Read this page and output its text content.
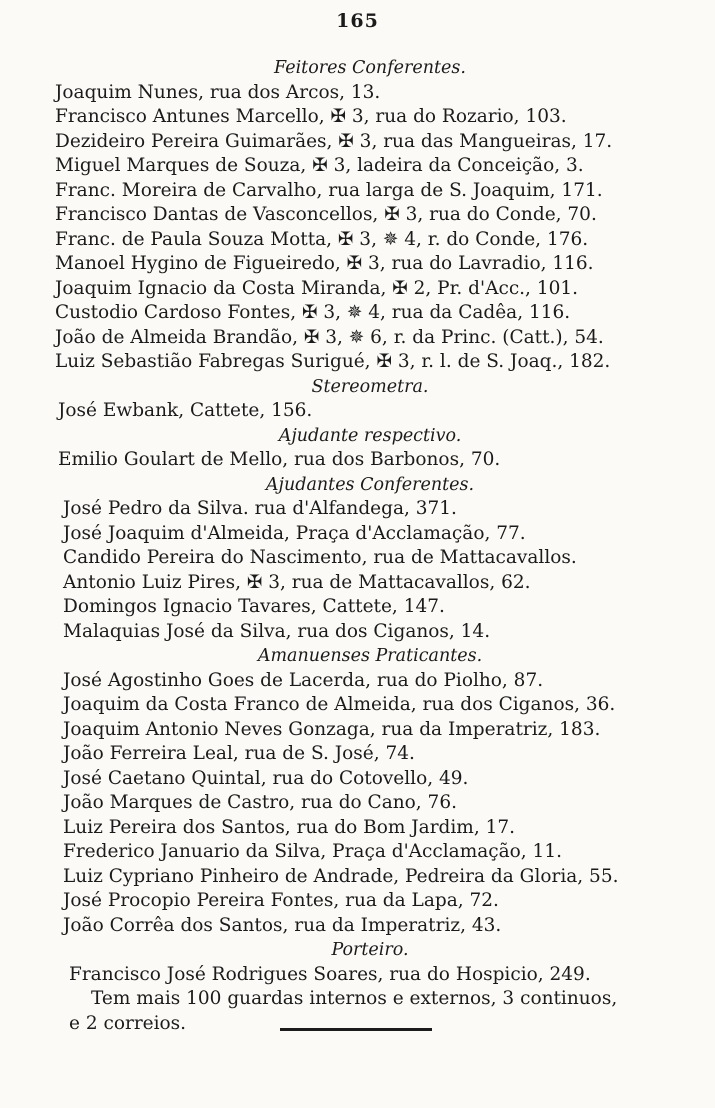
165
Feitores Conferentes.
Joaquim Nunes, rua dos Arcos, 13.
Francisco Antunes Marcello, ✠ 3, rua do Rozario, 103.
Dezideiro Pereira Guimarães, ✠ 3, rua das Mangueiras, 17.
Miguel Marques de Souza, ✠ 3, ladeira da Conceição, 3.
Franc. Moreira de Carvalho, rua larga de S. Joaquim, 171.
Francisco Dantas de Vasconcellos, ✠ 3, rua do Conde, 70.
Franc. de Paula Souza Motta, ✠ 3, ✵ 4, r. do Conde, 176.
Manoel Hygino de Figueiredo, ✠ 3, rua do Lavradio, 116.
Joaquim Ignacio da Costa Miranda, ✠ 2, Pr. d'Acc., 101.
Custodio Cardoso Fontes, ✠ 3, ✵ 4, rua da Cadêa, 116.
João de Almeida Brandão, ✠ 3, ✵ 6, r. da Princ. (Catt.), 54.
Luiz Sebastião Fabregas Surigué, ✠ 3, r. l. de S. Joaq., 182.
Stereometra.
José Ewbank, Cattete, 156.
Ajudante respectivo.
Emilio Goulart de Mello, rua dos Barbonos, 70.
Ajudantes Conferentes.
José Pedro da Silva. rua d'Alfandega, 371.
José Joaquim d'Almeida, Praça d'Acclamação, 77.
Candido Pereira do Nascimento, rua de Mattacavallos.
Antonio Luiz Pires, ✠ 3, rua de Mattacavallos, 62.
Domingos Ignacio Tavares, Cattete, 147.
Malaquias José da Silva, rua dos Ciganos, 14.
Amanuenses Praticantes.
José Agostinho Goes de Lacerda, rua do Piolho, 87.
Joaquim da Costa Franco de Almeida, rua dos Ciganos, 36.
Joaquim Antonio Neves Gonzaga, rua da Imperatriz, 183.
João Ferreira Leal, rua de S. José, 74.
José Caetano Quintal, rua do Cotovello, 49.
João Marques de Castro, rua do Cano, 76.
Luiz Pereira dos Santos, rua do Bom Jardim, 17.
Frederico Januario da Silva, Praça d'Acclamação, 11.
Luiz Cypriano Pinheiro de Andrade, Pedreira da Gloria, 55.
José Procopio Pereira Fontes, rua da Lapa, 72.
João Corrêa dos Santos, rua da Imperatriz, 43.
Porteiro.
Francisco José Rodrigues Soares, rua do Hospicio, 249.
Tem mais 100 guardas internos e externos, 3 continuos,
e 2 correios.
